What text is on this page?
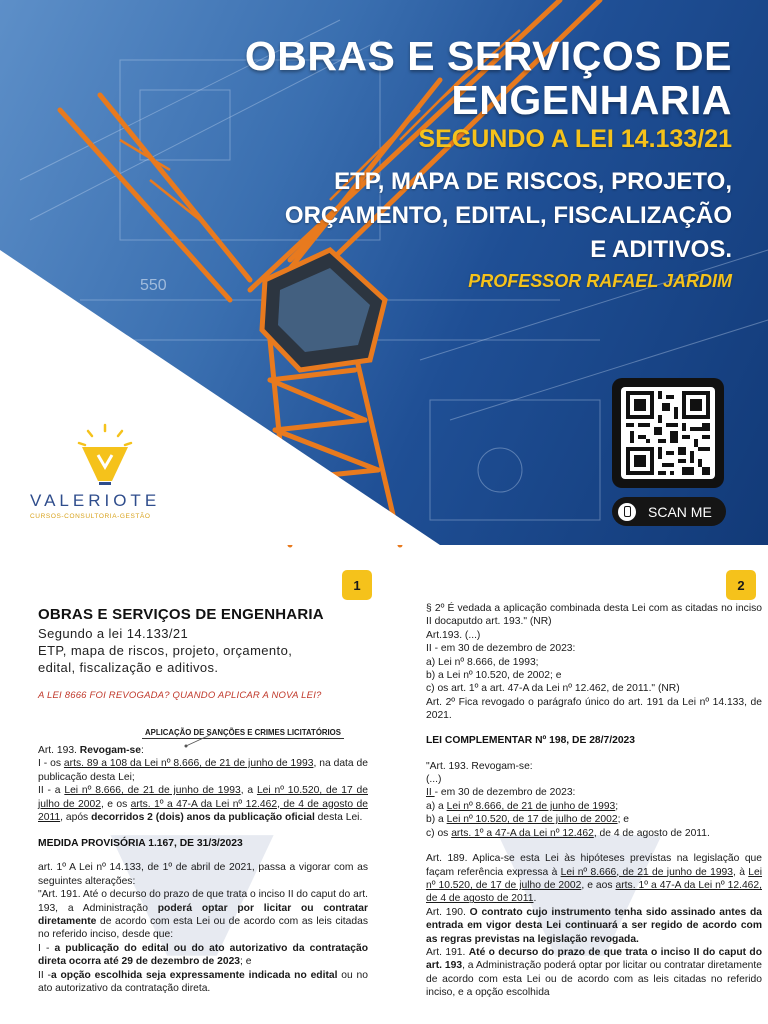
550
OBRAS E SERVIÇOS DE
ENGENHARIA
SEGUNDO A LEI 14.133/21
ETP, MAPA DE RISCOS, PROJETO,
ORÇAMENTO, EDITAL, FISCALIZAÇÃO
E ADITIVOS.
PROFESSOR RAFAEL JARDIM
SCAN ME
VALERIOTE
CURSOS-CONSULTORIA-GESTÃO
1
OBRAS E SERVIÇOS DE ENGENHARIA
Segundo a lei 14.133/21
ETP, mapa de riscos, projeto, orçamento,
edital, fiscalização e aditivos.
A LEI 8666 FOI REVOGADA? QUANDO APLICAR A NOVA LEI?
APLICAÇÃO DE SANÇÕES E CRIMES LICITATÓRIOS

Art. 193. Revogam-se:

I - os arts. 89 a 108 da Lei nº 8.666, de 21 de junho de 1993, na data de publicação desta Lei;

II - a Lei nº 8.666, de 21 de junho de 1993, a Lei nº 10.520, de 17 de julho de 2002, e os arts. 1º a 47-A da Lei nº 12.462, de 4 de agosto de 2011, após decorridos 2 (dois) anos da publicação oficial desta Lei.

MEDIDA PROVISÓRIA 1.167, DE 31/3/2023

art. 1º A Lei nº 14.133, de 1º de abril de 2021, passa a vigorar com as seguintes alterações:

"Art. 191. Até o decurso do prazo de que trata o inciso II do caput do art. 193, a Administração poderá optar por licitar ou contratar diretamente de acordo com esta Lei ou de acordo com as leis citadas no referido inciso, desde que:

I - a publicação do edital ou do ato autorizativo da contratação direta ocorra até 29 de dezembro de 2023; e

II -a opção escolhida seja expressamente indicada no edital ou no ato autorizativo da contratação direta.

2

§ 2º É vedada a aplicação combinada desta Lei com as citadas no inciso II docaputdo art. 193." (NR)

Art.193. (...)

II - em 30 de dezembro de 2023:

a) Lei nº 8.666, de 1993;

b) a Lei nº 10.520, de 2002; e

c) os art. 1º a art. 47-A da Lei nº 12.462, de 2011." (NR)

Art. 2º Fica revogado o parágrafo único do art. 191 da Lei nº 14.133, de 2021.

LEI COMPLEMENTAR Nº 198, DE 28/7/2023

"Art. 193. Revogam-se:

(...)

II - em 30 de dezembro de 2023:

a) a Lei nº 8.666, de 21 de junho de 1993;

b) a Lei nº 10.520, de 17 de julho de 2002; e

c) os arts. 1º a 47-A da Lei nº 12.462, de 4 de agosto de 2011.

Art. 189. Aplica-se esta Lei às hipóteses previstas na legislação que façam referência expressa à Lei nº 8.666, de 21 de junho de 1993, à Lei nº 10.520, de 17 de julho de 2002, e aos arts. 1º a 47-A da Lei nº 12.462, de 4 de agosto de 2011.

Art. 190. O contrato cujo instrumento tenha sido assinado antes da entrada em vigor desta Lei continuará a ser regido de acordo com as regras previstas na legislação revogada.

Art. 191. Até o decurso do prazo de que trata o inciso II do caput do art. 193, a Administração poderá optar por licitar ou contratar diretamente de acordo com esta Lei ou de acordo com as leis citadas no referido inciso, e a opção escolhida
